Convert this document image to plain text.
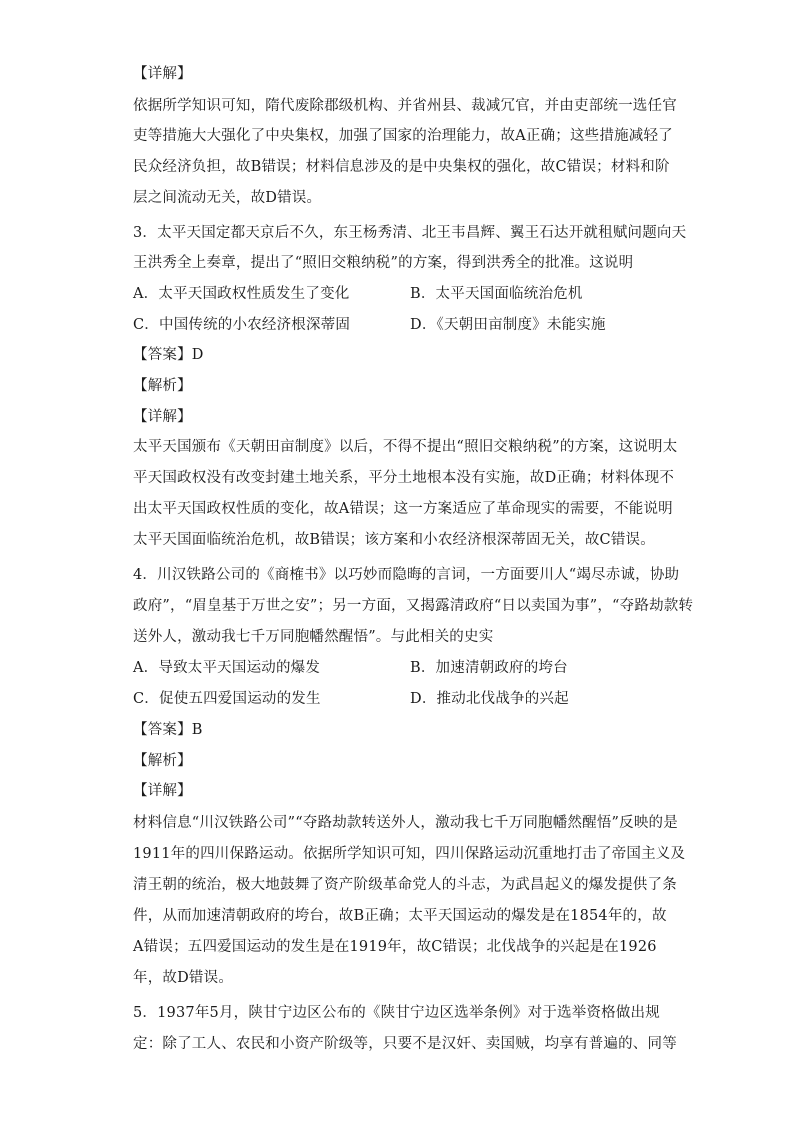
【详解】
依据所学知识可知，隋代废除郡级机构、并省州县、裁减冗官，并由吏部统一选任官
吏等措施大大强化了中央集权，加强了国家的治理能力，故A正确；这些措施减轻了
民众经济负担，故B错误；材料信息涉及的是中央集权的强化，故C错误；材料和阶
层之间流动无关，故D错误。
3．太平天国定都天京后不久，东王杨秀清、北王韦昌辉、翼王石达开就租赋问题向天
王洪秀全上奏章，提出了“照旧交粮纳税”的方案，得到洪秀全的批准。这说明
A．太平天国政权性质发生了变化	B．太平天国面临统治危机
C．中国传统的小农经济根深蒂固	D．《天朝田亩制度》未能实施
【答案】D
【解析】
【详解】
太平天国颁布《天朝田亩制度》以后，不得不提出“照旧交粮纳税”的方案，这说明太
平天国政权没有改变封建土地关系，平分土地根本没有实施，故D正确；材料体现不
出太平天国政权性质的变化，故A错误；这一方案适应了革命现实的需要，不能说明
太平天国面临统治危机，故B错误；该方案和小农经济根深蒂固无关，故C错误。
4．川汉铁路公司的《商榷书》以巧妙而隐晦的言词，一方面要川人“竭尽赤诚，协助
政府”，“眉皇基于万世之安”；另一方面，又揭露清政府“日以卖国为事”，“夺路劫款转
送外人，激动我七千万同胞幡然醒悟”。与此相关的史实
A．导致太平天国运动的爆发	B．加速清朝政府的垮台
C．促使五四爱国运动的发生	D．推动北伐战争的兴起
【答案】B
【解析】
【详解】
材料信息“川汉铁路公司”“夺路劫款转送外人，激动我七千万同胞幡然醒悟”反映的是
1911年的四川保路运动。依据所学知识可知，四川保路运动沉重地打击了帝国主义及
清王朝的统治，极大地鼓舞了资产阶级革命党人的斗志，为武昌起义的爆发提供了条
件，从而加速清朝政府的垮台，故B正确；太平天国运动的爆发是在1854年的，故
A错误；五四爱国运动的发生是在1919年，故C错误；北伐战争的兴起是在1926
年，故D错误。
5．1937年5月，陕甘宁边区公布的《陕甘宁边区选举条例》对于选举资格做出规
定：除了工人、农民和小资产阶级等，只要不是汉奸、卖国贼，均享有普遍的、同等
